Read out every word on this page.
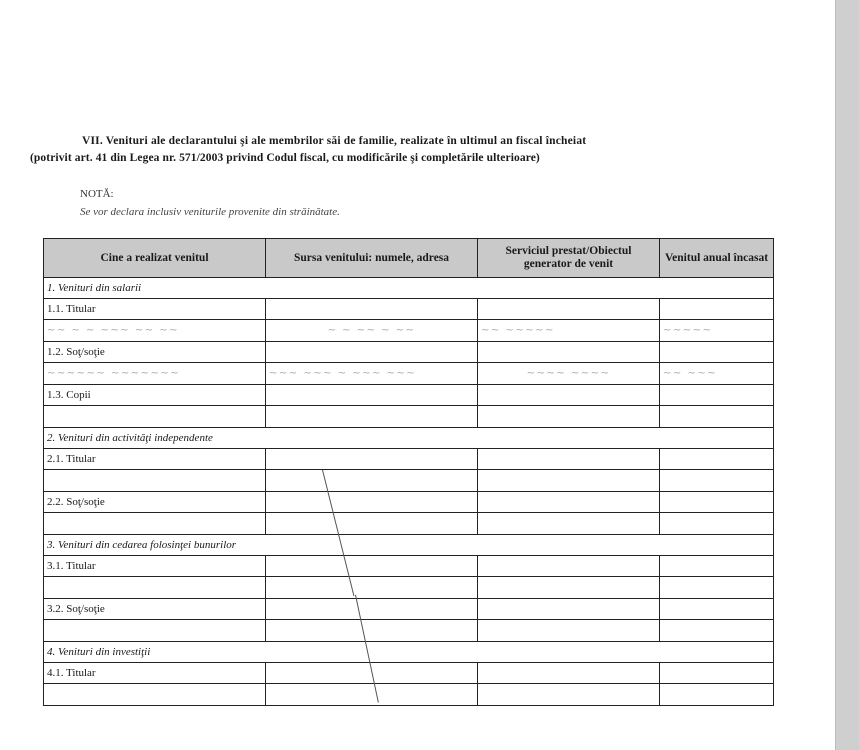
VII. Venituri ale declarantului şi ale membrilor săi de familie, realizate în ultimul an fiscal încheiat
(potrivit art. 41 din Legea nr. 571/2003 privind Codul fiscal, cu modificările şi completările ulterioare)
NOTĂ:
Se vor declara inclusiv veniturile provenite din străinătate.
Cine a realizat venitul	Sursa venitului: numele, adresa	Serviciul prestat/Obiectul generator de venit	Venitul anual încasat
1. Venituri din salarii			
1.1. Titular			
~~ ~ ~ ~~~ ~~ ~~	~ ~ ~~ ~ ~~	~~ ~~~~~	~~~~~
1.2. Soţ/soţie			
~~~~~~ ~~~~~~~	~~~ ~~~ ~ ~~~ ~~~	~~~~ ~~~~	~~ ~~~
1.3. Copii			

2. Venituri din activităţi independente			
2.1. Titular			

2.2. Soţ/soţie			

3. Venituri din cedarea folosinţei bunurilor			
3.1. Titular			

3.2. Soţ/soţie			

4. Venituri din investiţii			
4.1. Titular			
